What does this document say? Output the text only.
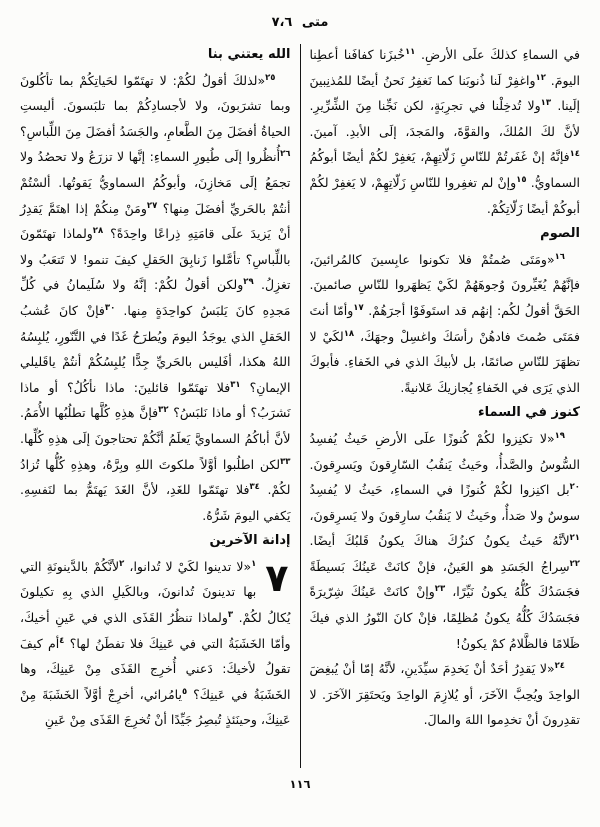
متى ٧،٦

في السماءِ كذلكَ علَى الأرضِ. $^{١١}$خُبزَنا كفافَنا أعطِنا اليومَ. $^{١٢}$واغفِرْ لَنا ذُنوبَنا كما نَغفِرُ نَحنُ أيضًا للمُذنِبينَ إلَينا. $^{١٣}$ولا تُدخِلْنا في تجرِبَةٍ، لكن نَجِّنا مِنَ الشِّرِّيرِ. لأنَّ لكَ المُلكَ، والقوَّةَ، والمَجدَ، إلَى الأبدِ. آمينَ. $^{١٤}$فإنَّهُ إنْ غَفَرتُمْ للنّاسِ زَلّاتِهِمْ، يَغفِرْ لكُمْ أيضًا أبوكُمُ السماويُّ. $^{١٥}$وإنْ لم تغفِروا للنّاسِ زَلّاتِهِمْ، لا يَغفِرْ لكُمْ أبوكُمْ أيضًا زَلّاتِكُمْ.

الصوم

$^{١٦}$«ومَتَى صُمتُمْ فلا تكونوا عابِسينَ كالمُرائينَ، فإنَّهُمْ يُغَيِّرونَ وُجوهَهُمْ لكَيْ يَظهَروا للنّاسِ صائمينَ. الحَقَّ أقولُ لكُم: إنهُم قد استَوفَوْا أجرَهُمْ. $^{١٧}$وأمّا أنتَ فمَتَى صُمتَ فادهُنْ رأسَكَ واغسِلْ وجهَكَ، $^{١٨}$لكَيْ لا تظهَرَ للنّاسِ صائمًا، بل لأبيكَ الذي في الخَفاءِ. فأبوكَ الذي يَرَى في الخَفاءِ يُجازيكَ عَلانيةً.

كنوز في السماء

$^{١٩}$«لا تكنِزوا لكُمْ كُنوزًا علَى الأرضِ حَيثُ يُفسِدُ السُّوسُ والصَّدأُ، وحَيثُ يَنقُبُ السّارِقونَ ويَسرِقونَ. $^{٢٠}$بل اكنِزوا لكُمْ كُنوزًا في السماءِ، حَيثُ لا يُفسِدُ سوسٌ ولا صَدأٌ، وحَيثُ لا يَنقُبُ سارِقونَ ولا يَسرِقونَ، $^{٢١}$لأنَّهُ حَيثُ يكونُ كنزُكَ هناكَ يكونُ قَلبُكَ أيضًا. $^{٢٢}$سِراجُ الجَسَدِ هو العَينُ، فإنْ كانَتْ عَينُكَ بَسيطَةً فجَسَدُكَ كُلُّهُ يكونُ نَيِّرًا، $^{٢٣}$وإنْ كانَتْ عَينُكَ شِرّيرَةً فجَسَدُكَ كُلُّهُ يكونُ مُظلِمًا، فإنْ كانَ النّورُ الذي فيكَ ظَلامًا فالظَّلامُ كمْ يكونُ!

$^{٢٤}$«لا يَقدِرُ أحَدٌ أنْ يَخدِمَ سيِّدَينِ، لأنَّهُ إمّا أنْ يُبغِضَ الواحِدَ ويُحِبَّ الآخَرَ، أو يُلازِمَ الواحِدَ ويَحتَقِرَ الآخَرَ. لا تقدِرونَ أنْ تخدِموا اللهَ والمالَ.

الله يعتني بنا

$^{٢٥}$«لذلكَ أقولُ لكُمْ: لا تهتَمّوا لحَياتِكُمْ بما تأكُلونَ وبما تشرَبونَ، ولا لأجسادِكُمْ بما تلبَسونَ. أليستِ الحياةُ أفضَلَ مِنَ الطَّعامِ، والجَسَدُ أفضَلَ مِنَ اللِّباسِ؟ $^{٢٦}$أُنظُروا إلَى طُيورِ السماءِ: إنَّها لا تزرَعُ ولا تحصُدُ ولا تجمَعُ إلَى مَخازِنَ، وأبوكُمُ السماويُّ يَقوتُها. ألسْتُمْ أنتُمْ بالحَريِّ أفضَلَ مِنها؟ $^{٢٧}$ومَنْ مِنكُمْ إذا اهتَمَّ يَقدِرُ أنْ يَزيدَ علَى قامَتِهِ ذِراعًا واحِدَةً؟ $^{٢٨}$ولماذا تهتَمّونَ باللِّباسِ؟ تأمَّلوا زَنابِقَ الحَقلِ كيفَ تنمو! لا تَتعَبُ ولا تغزِلُ. $^{٢٩}$ولكن أقولُ لكُمْ: إنَّهُ ولا سُلَيمانُ في كُلِّ مَجدِهِ كانَ يَلبَسُ كواحِدَةٍ مِنها. $^{٣٠}$فإنْ كانَ عُشبُ الحَقلِ الذي يوجَدُ اليومَ ويُطرَحُ غَدًا في التَّنّورِ، يُلبِسُهُ اللهُ هكذا، أفَليس بالحَريِّ جِدًّا يُلبِسُكُمْ أنتُمْ ياقَليلي الإيمانِ؟ $^{٣١}$فلا تهتَمّوا قائلينَ: ماذا نأكُلُ؟ أو ماذا نَشرَبُ؟ أو ماذا نَلبَسُ؟ $^{٣٢}$فإنَّ هذِهِ كُلَّها تطلُبُها الأُمَمُ. لأنَّ أباكُمُ السماويَّ يَعلَمُ أنَّكُمْ تحتاجونَ إلَى هذِهِ كُلِّها. $^{٣٣}$لكن اطلُبوا أوَّلاً ملكوتَ اللهِ وبِرَّهُ، وهذِهِ كُلُّها تُزادُ لكُمْ. $^{٣٤}$فلا تهتَمّوا للغَدِ، لأنَّ الغَدَ يَهتَمُّ بما لنَفسِهِ. يَكفي اليومَ شَرُّهُ.

إدانة الآخرين

٧
$^١$«لا تدينوا لكَيْ لا تُدانوا، $^٢$لأنَّكُمْ بالدَّينونَةِ التي بها تدينونَ تُدانونَ، وبالكَيلِ الذي بِهِ تكيلونَ يُكالُ لكُمْ. $^٣$ولماذا تنظُرُ القَذَى الذي في عَينِ أخيكَ، وأمّا الخَشَبَةُ التي في عَينِكَ فلا تفطَنُ لها؟ $^٤$أم كيفَ تقولُ لأخيكَ: دَعني أُخرِج القَذَى مِنْ عَينِكَ، وها الخَشَبَةُ في عَينِكَ؟ $^٥$يامُرائي، أخرِجْ أوَّلاً الخَشَبَةَ مِنْ عَينِكَ، وحينَئذٍ تُبصِرُ جَيِّدًا أنْ تُخرِجَ القَذَى مِنْ عَينِ

١١٦
